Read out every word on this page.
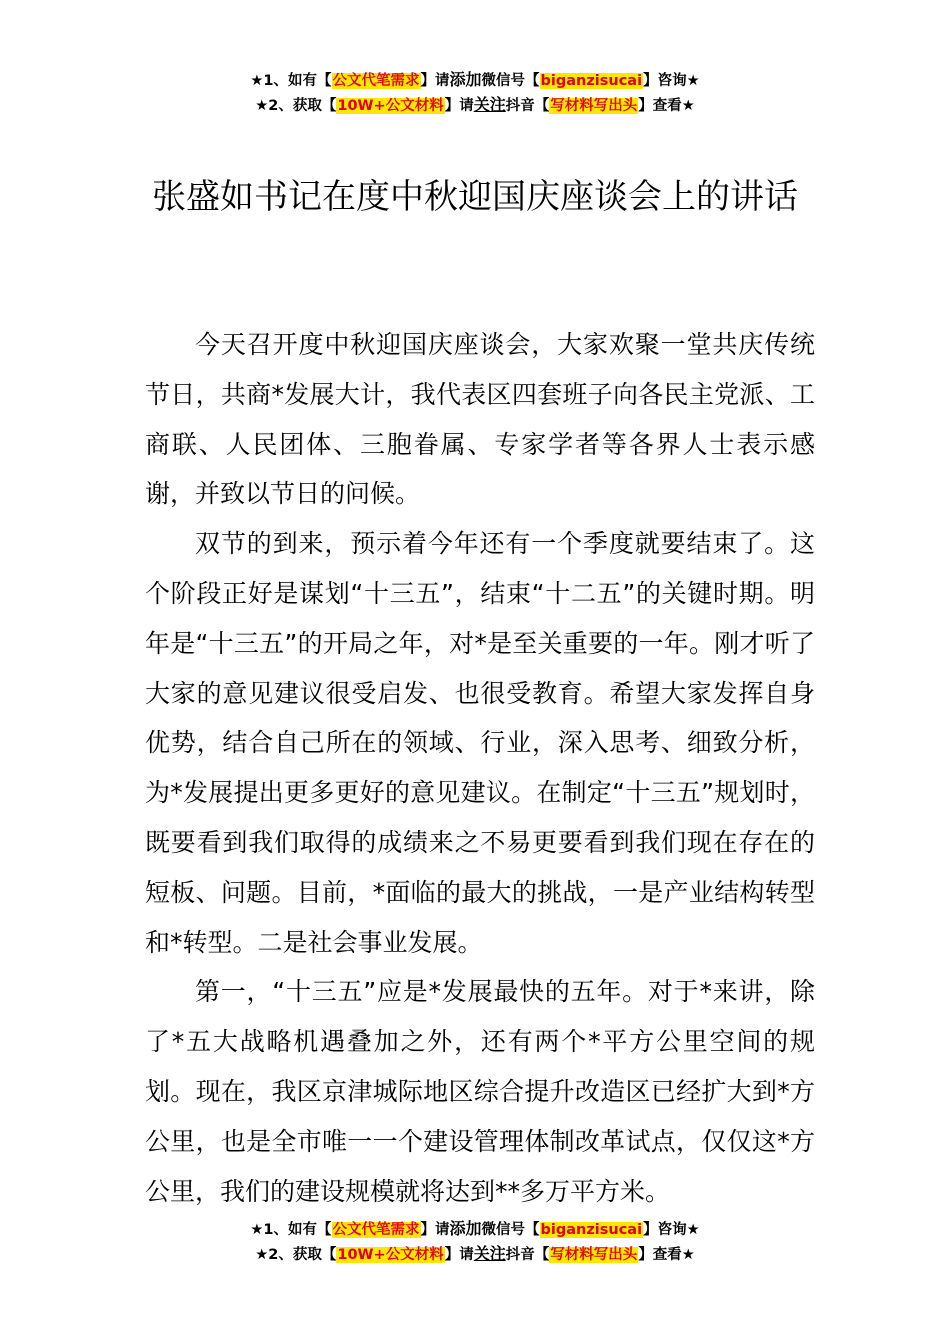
★1、如有【公文代笔需求】请添加微信号【biganzisucai】咨询★
★2、获取【10W+公文材料】请关注抖音【写材料写出头】查看★
张盛如书记在度中秋迎国庆座谈会上的讲话

今天召开度中秋迎国庆座谈会，大家欢聚一堂共庆传统节日，共商*发展大计，我代表区四套班子向各民主党派、工商联、人民团体、三胞眷属、专家学者等各界人士表示感谢，并致以节日的问候。

双节的到来，预示着今年还有一个季度就要结束了。这个阶段正好是谋划“十三五”，结束“十二五”的关键时期。明年是“十三五”的开局之年，对*是至关重要的一年。刚才听了大家的意见建议很受启发、也很受教育。希望大家发挥自身优势，结合自己所在的领域、行业，深入思考、细致分析，为*发展提出更多更好的意见建议。在制定“十三五”规划时，既要看到我们取得的成绩来之不易更要看到我们现在存在的短板、问题。目前，*面临的最大的挑战，一是产业结构转型和*转型。二是社会事业发展。

第一，“十三五”应是*发展最快的五年。对于*来讲，除了*五大战略机遇叠加之外，还有两个*平方公里空间的规划。现在，我区京津城际地区综合提升改造区已经扩大到*方公里，也是全市唯一一个建设管理体制改革试点，仅仅这*方公里，我们的建设规模就将达到**多万平方米。

★1、如有【公文代笔需求】请添加微信号【biganzisucai】咨询★
★2、获取【10W+公文材料】请关注抖音【写材料写出头】查看★
